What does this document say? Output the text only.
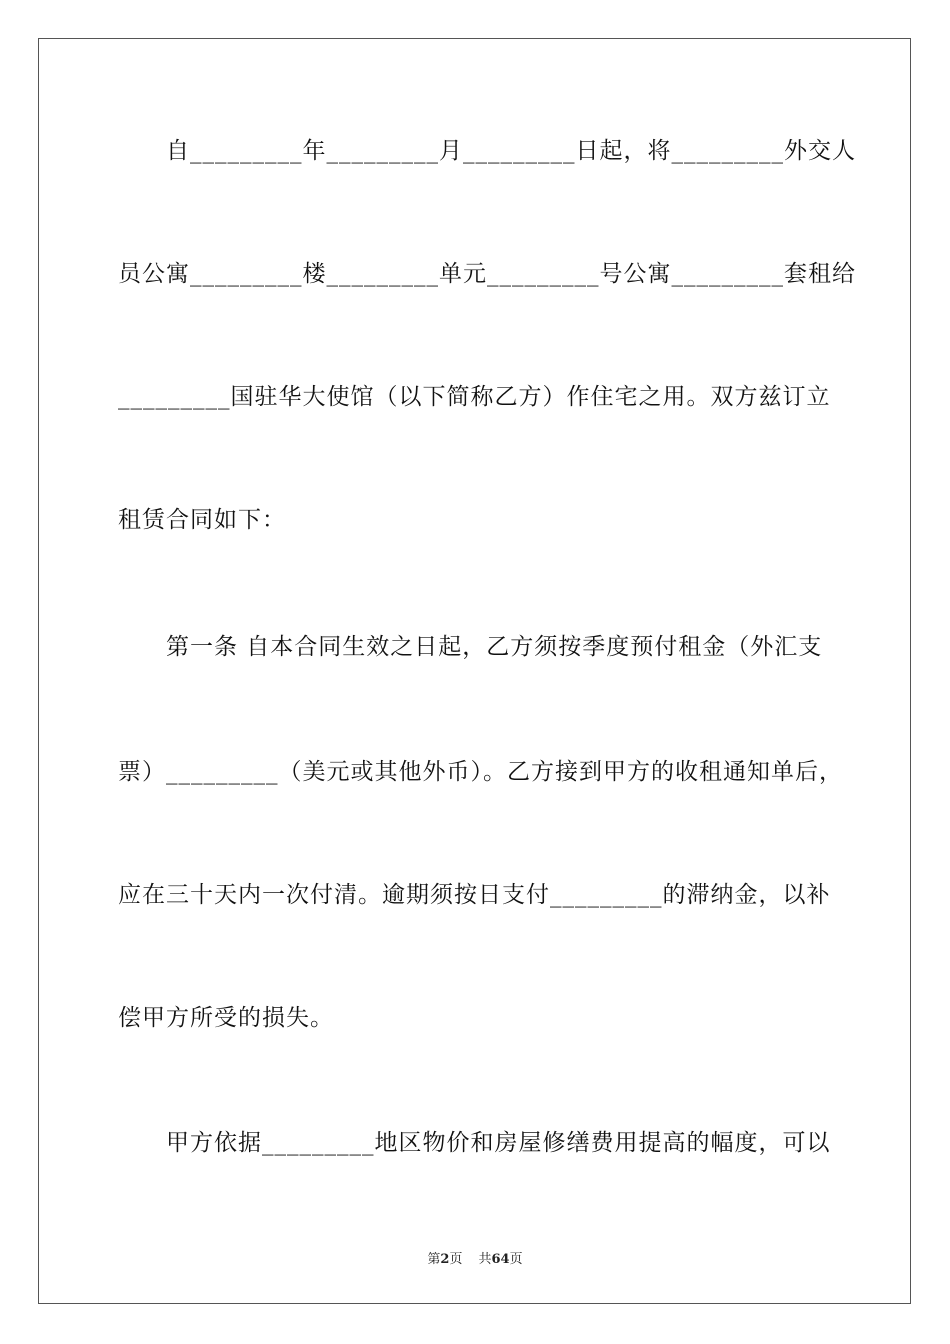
自_________年_________月_________日起，将_________外交人
员公寓_________楼_________单元_________号公寓_________套租给
_________国驻华大使馆（以下简称乙方）作住宅之用。双方兹订立
租赁合同如下：
第一条 自本合同生效之日起，乙方须按季度预付租金（外汇支
票）_________（美元或其他外币）。乙方接到甲方的收租通知单后，
应在三十天内一次付清。逾期须按日支付_________的滞纳金，以补
偿甲方所受的损失。
甲方依据_________地区物价和房屋修缮费用提高的幅度，可以
第2页 共64页
